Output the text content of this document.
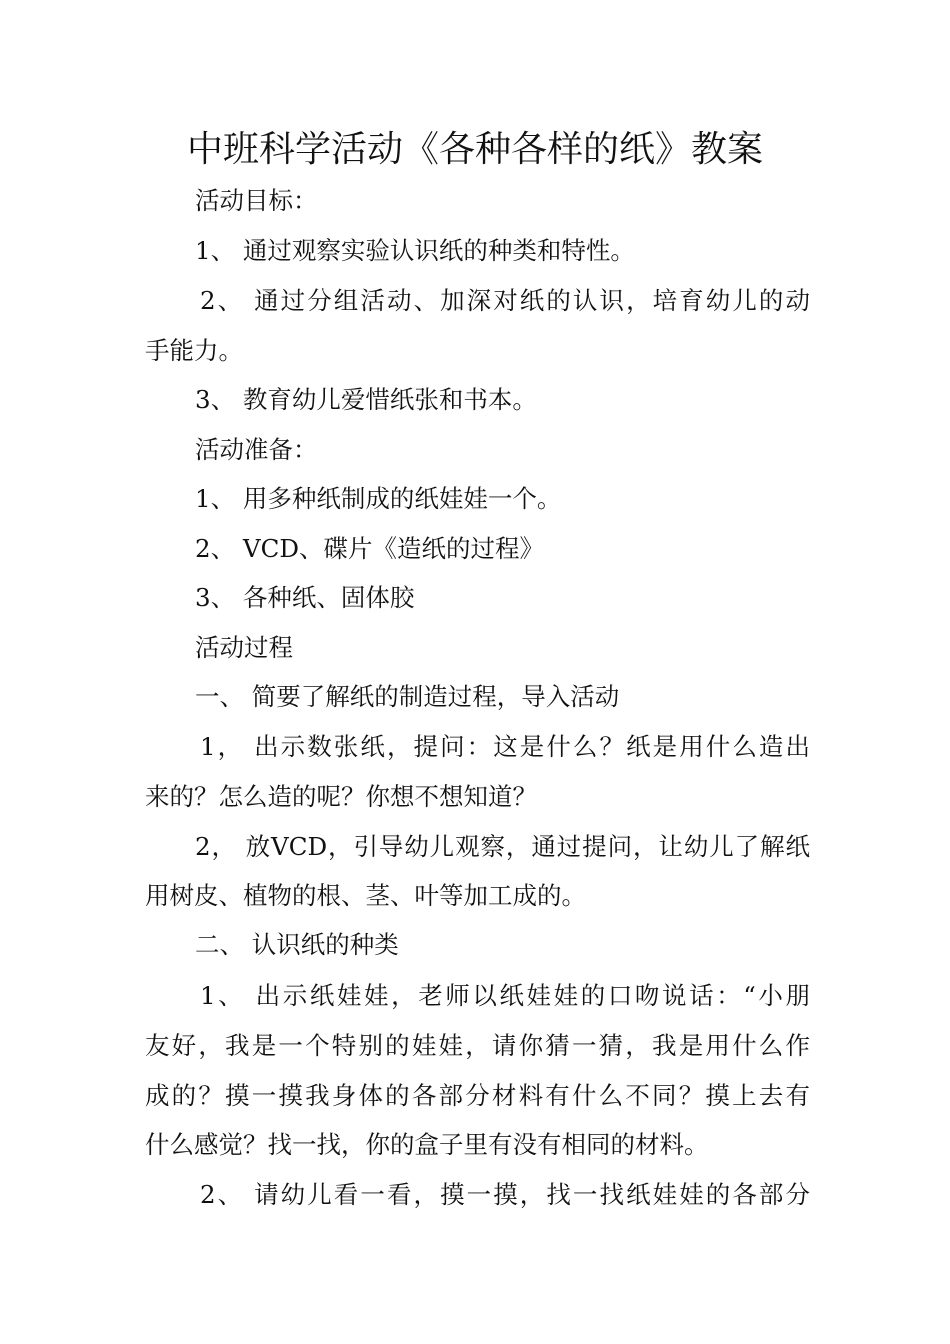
中班科学活动《各种各样的纸》教案
活动目标：
1、 通过观察实验认识纸的种类和特性。
2、 通过分组活动、加深对纸的认识，培育幼儿的动
手能力。
3、 教育幼儿爱惜纸张和书本。
活动准备：
1、 用多种纸制成的纸娃娃一个。
2、 VCD、碟片《造纸的过程》
3、 各种纸、固体胶
活动过程
一、 简要了解纸的制造过程，导入活动
1， 出示数张纸，提问：这是什么？纸是用什么造出
来的？怎么造的呢？你想不想知道？
2， 放VCD，引导幼儿观察，通过提问，让幼儿了解纸
用树皮、植物的根、茎、叶等加工成的。
二、 认识纸的种类
1、 出示纸娃娃，老师以纸娃娃的口吻说话：“小朋
友好，我是一个特别的娃娃，请你猜一猜，我是用什么作
成的？摸一摸我身体的各部分材料有什么不同？摸上去有
什么感觉？找一找，你的盒子里有没有相同的材料。
2、 请幼儿看一看，摸一摸，找一找纸娃娃的各部分
